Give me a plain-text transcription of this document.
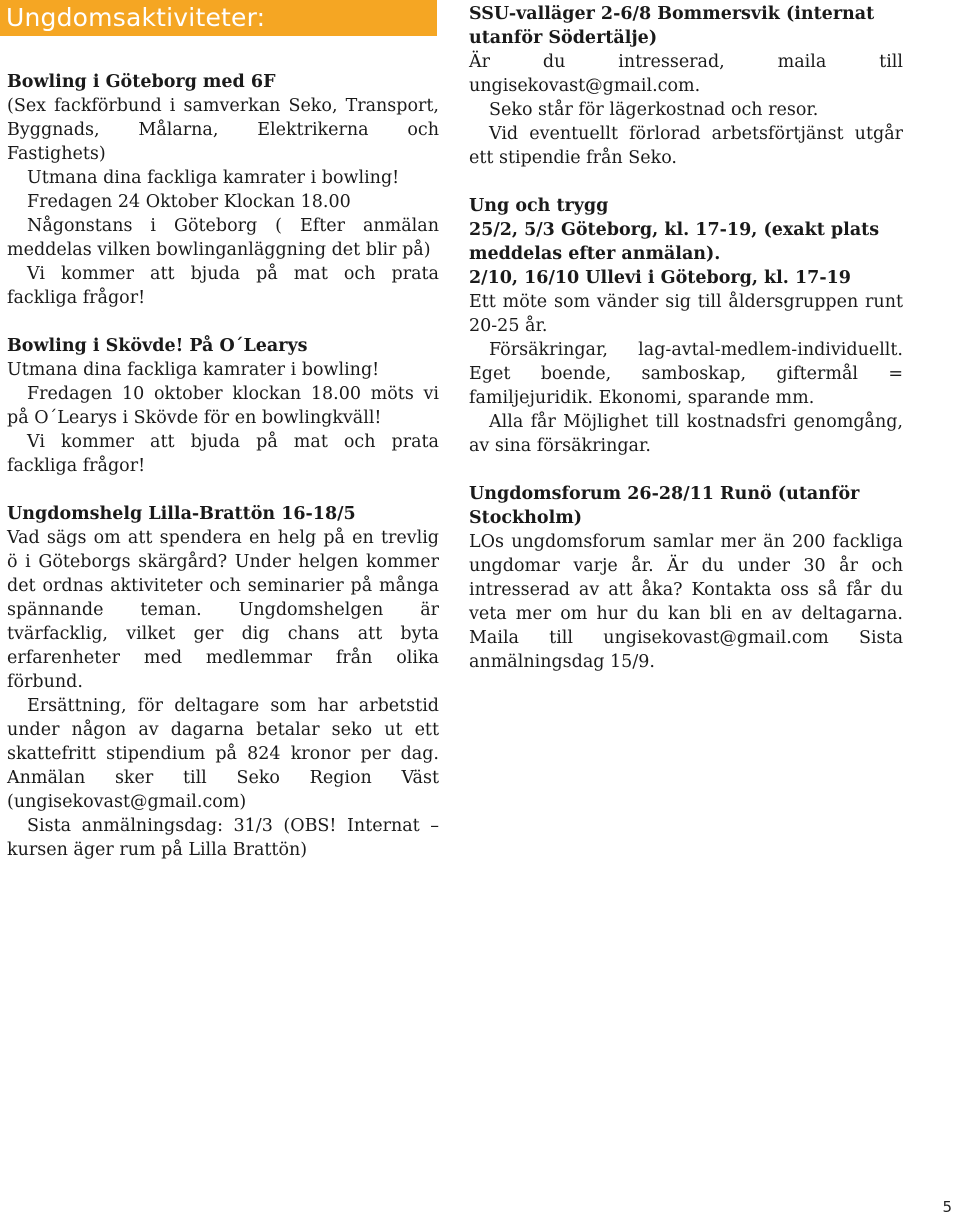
Ungdomsaktiviteter:

Bowling i Göteborg med 6F

(Sex fackförbund i samverkan Seko, Transport, Byggnads, Målarna, Elektrikerna och Fastighets)

Utmana dina fackliga kamrater i bowling!

Fredagen 24 Oktober Klockan 18.00

Någonstans i Göteborg ( Efter anmälan meddelas vilken bowlinganläggning det blir på)

Vi kommer att bjuda på mat och prata fackliga frågor!

Bowling i Skövde! På O´Learys

Utmana dina fackliga kamrater i bowling!

Fredagen 10 oktober klockan 18.00 möts vi på O´Learys i Skövde för en bowlingkväll!

Vi kommer att bjuda på mat och prata fackliga frågor!

Ungdomshelg Lilla-Brattön 16-18/5

Vad sägs om att spendera en helg på en trevlig ö i Göteborgs skärgård? Under helgen kommer det ordnas aktiviteter och seminarier på många spännande teman. Ungdomshelgen är tvärfacklig, vilket ger dig chans att byta erfarenheter med medlemmar från olika förbund.

Ersättning, för deltagare som har arbetstid under någon av dagarna betalar seko ut ett skattefritt stipendium på 824 kronor per dag. Anmälan sker till Seko Region Väst (ungisekovast@gmail.com)

Sista anmälningsdag: 31/3 (OBS! Internat – kursen äger rum på Lilla Brattön)

SSU-valläger 2-6/8 Bommersvik (internat utanför Södertälje)

Är du intresserad, maila till ungisekovast@gmail.com.

Seko står för lägerkostnad och resor.

Vid eventuellt förlorad arbetsförtjänst utgår ett stipendie från Seko.

Ung och trygg

25/2, 5/3 Göteborg, kl. 17-19, (exakt plats meddelas efter anmälan).

2/10, 16/10 Ullevi i Göteborg, kl. 17-19

Ett möte som vänder sig till åldersgruppen runt 20-25 år.

Försäkringar, lag-avtal-medlem-individuellt. Eget boende, samboskap, giftermål = familjejuridik. Ekonomi, sparande mm.

Alla får Möjlighet till kostnadsfri genomgång, av sina försäkringar.

Ungdomsforum 26-28/11 Runö (utanför Stockholm)

LOs ungdomsforum samlar mer än 200 fackliga ungdomar varje år. Är du under 30 år och intresserad av att åka? Kontakta oss så får du veta mer om hur du kan bli en av deltagarna. Maila till ungisekovast@gmail.com Sista anmälningsdag 15/9.

5
